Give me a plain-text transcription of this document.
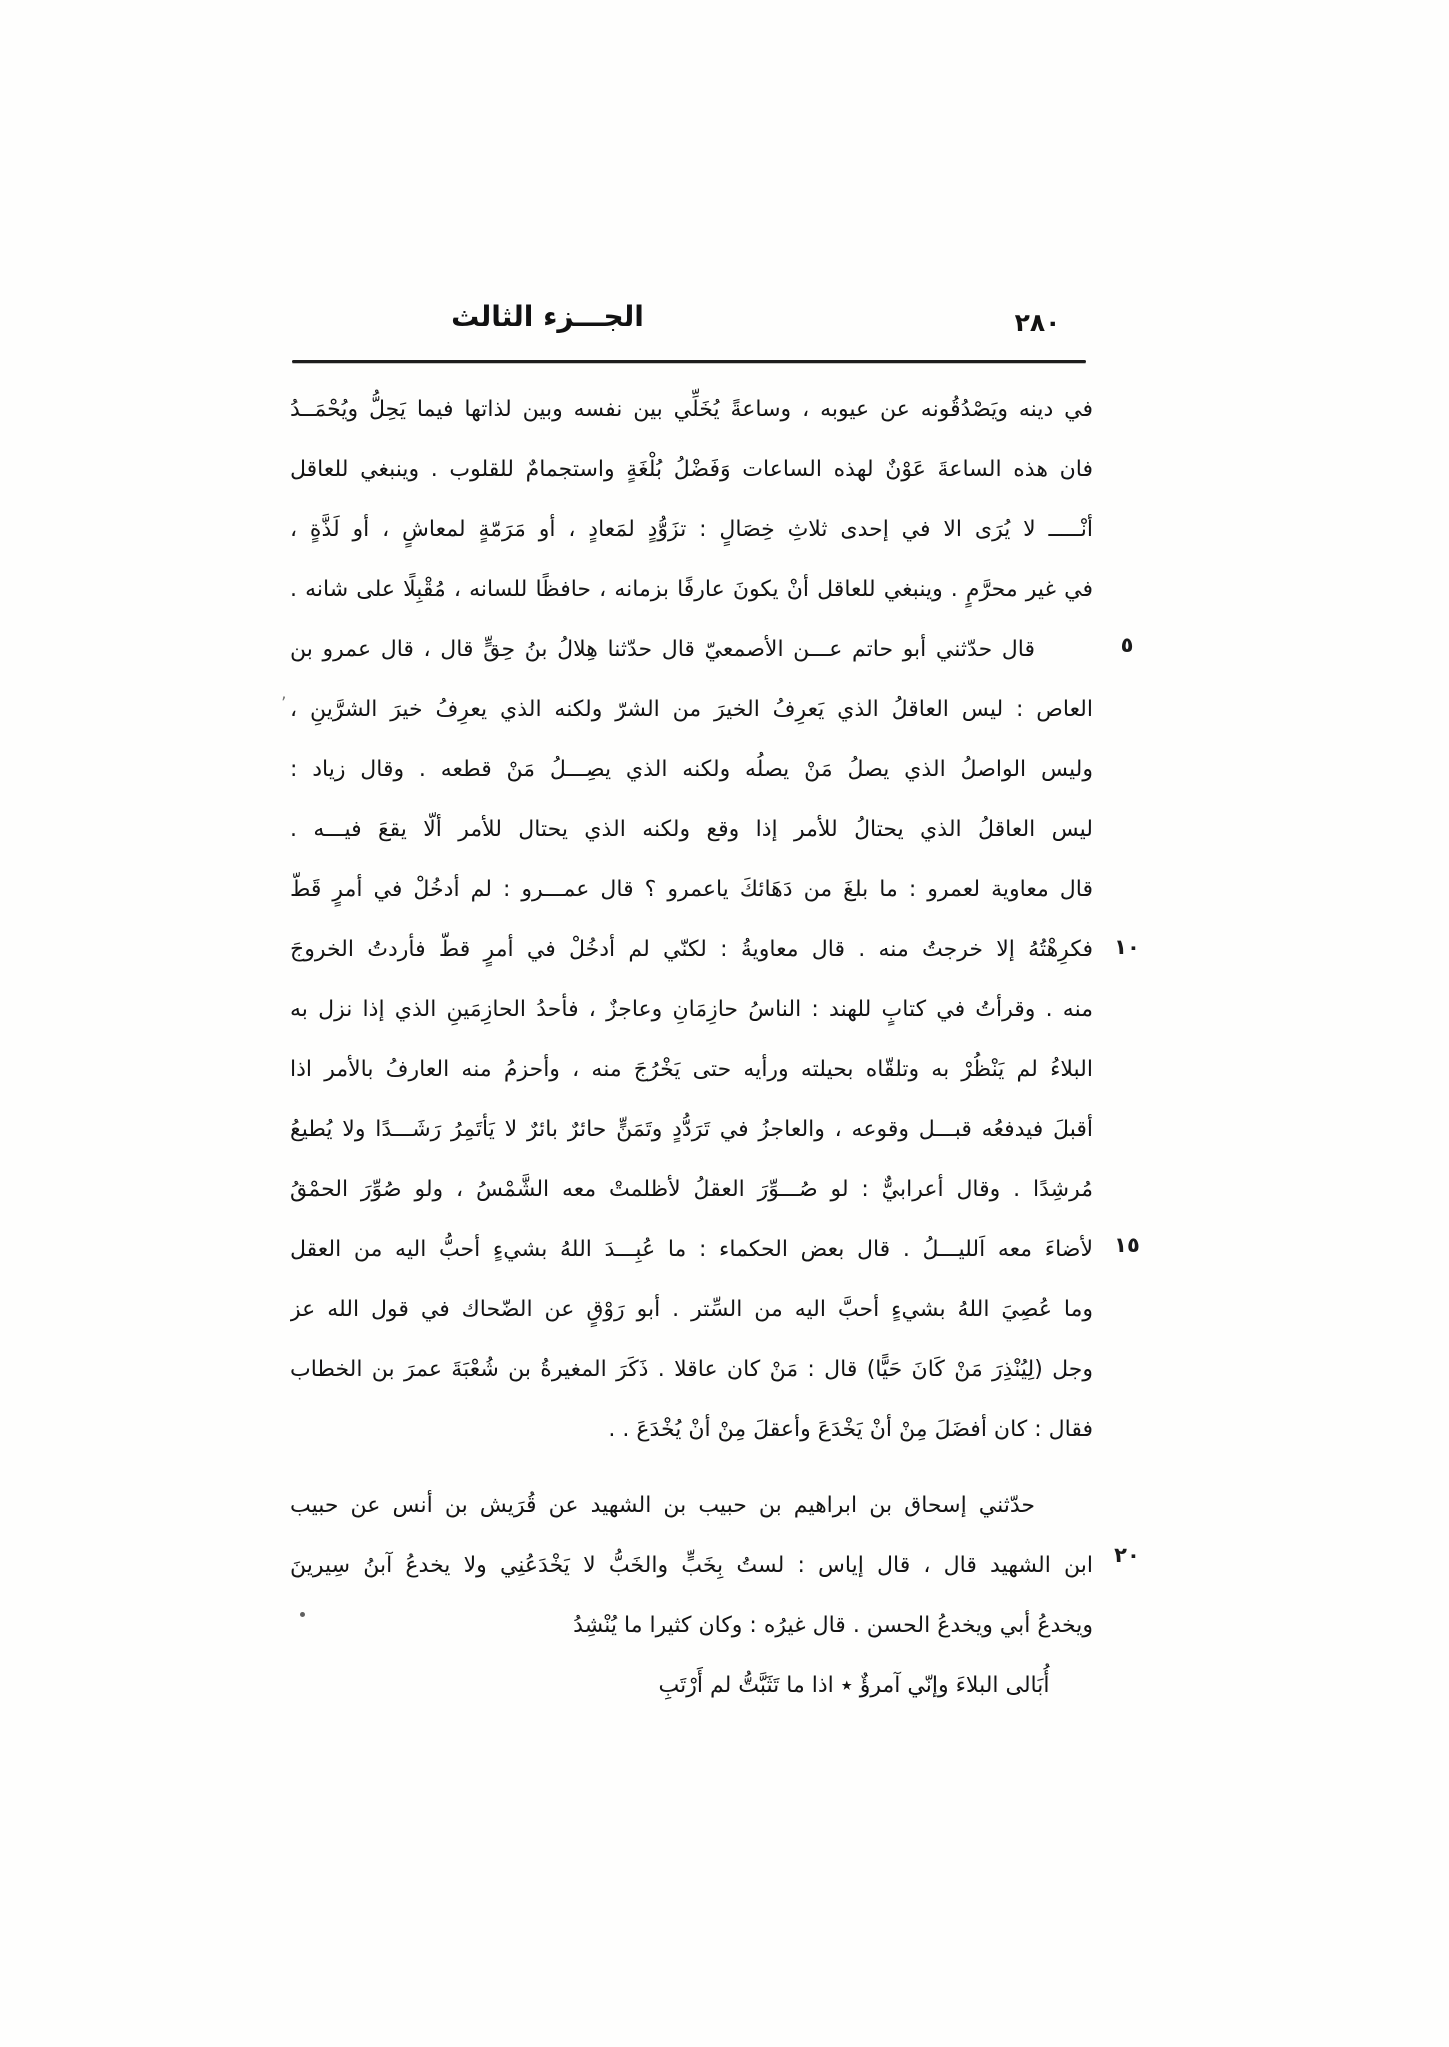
الجـــزء الثالث	٢٨٠
في دينه ويَصْدُقُونه عن عيوبه ، وساعةً يُخَلِّي بين نفسه وبين لذاتها فيما يَحِلُّ ويُحْمَــدُ
فان هذه الساعةَ عَوْنٌ لهذه الساعات وَفَضْلُ بُلْغَةٍ واستجمامٌ للقلوب . وينبغي للعاقل
أنْـــــ لا يُرَى الا في إحدى ثلاثِ خِصَالٍ : تزَوُّدٍ لمَعادٍ ، أو مَرَمّةٍ لمعاشٍ ، أو لَذَّةٍ ،
في غير محرَّمٍ . وينبغي للعاقل أنْ يكونَ عارفًا بزمانه ، حافظًا للسانه ، مُقْبِلًا على شانه .
قال حدّثني أبو حاتم عـــن الأصمعيّ قال حدّثنا هِلالُ بنُ حِقٍّ قال ، قال عمرو بن
العاص : ليس العاقلُ الذي يَعرِفُ الخيرَ من الشرّ ولكنه الذي يعرِفُ خيرَ الشرَّينِ ،
وليس الواصلُ الذي يصلُ مَنْ يصلُه ولكنه الذي يصِـــلُ مَنْ قطعه . وقال زياد :
ليس العاقلُ الذي يحتالُ للأمر إذا وقع ولكنه الذي يحتال للأمر ألّا يقعَ فيـــه .
قال معاوية لعمرو : ما بلغَ من دَهَائكَ ياعمرو ؟ قال عمـــرو : لم أدخُلْ في أمرٍ قَطّ
فكرِهْتُهُ إلا خرجتُ منه . قال معاويةُ : لكنّي لم أدخُلْ في أمرٍ قطّ فأردتُ الخروجَ
منه . وقرأتُ في كتابٍ للهند : الناسُ حازِمَانِ وعاجزٌ ، فأحدُ الحازِمَينِ الذي إذا نزل به
البلاءُ لم يَنْظُرْ به وتلقّاه بحيلته ورأيه حتى يَخْرُجَ منه ، وأحزمُ منه العارفُ بالأمر اذا
أقبلَ فيدفعُه قبـــل وقوعه ، والعاجزُ في تَرَدُّدٍ وتَمَنٍّ حائرٌ بائرٌ لا يَأتَمِرُ رَشَـــدًا ولا يُطيعُ
مُرشِدًا . وقال أعرابيٌّ : لو صُـــوِّرَ العقلُ لأظلمتْ معه الشَّمْسُ ، ولو صُوِّرَ الحمْقُ
لأضاءَ معه اَلليـــلُ . قال بعض الحكماء : ما عُبِـــدَ اللهُ بشيءٍ أحبُّ اليه من العقل
وما عُصِيَ اللهُ بشيءٍ أحبَّ اليه من السِّتر . أبو رَوْقٍ عن الضّحاك في قول الله عز
وجل (لِيُنْذِرَ مَنْ كَانَ حَيًّا) قال : مَنْ كان عاقلا . ذَكَرَ المغيرةُ بن شُعْبَةَ عمرَ بن الخطاب
فقال : كان أفضَلَ مِنْ أنْ يَخْدَعَ وأعقلَ مِنْ أنْ يُخْدَعَ . .
حدّثني إسحاق بن ابراهيم بن حبيب بن الشهيد عن قُرَيش بن أنس عن حبيب
ابن الشهيد قال ، قال إياس : لستُ بِخَبٍّ والخَبُّ لا يَخْدَعُنِي ولا يخدعُ آبنُ سِيرينَ
ويخدعُ أبي ويخدعُ الحسن . قال غيرُه : وكان كثيرا ما يُنْشِدُ
أُبَالى البلاءَ وإنّي آمرؤٌ ٭ اذا ما تَثَبَّتُّ لم أَرْتَبِ
٥
١٠
١٥
٢٠
’
